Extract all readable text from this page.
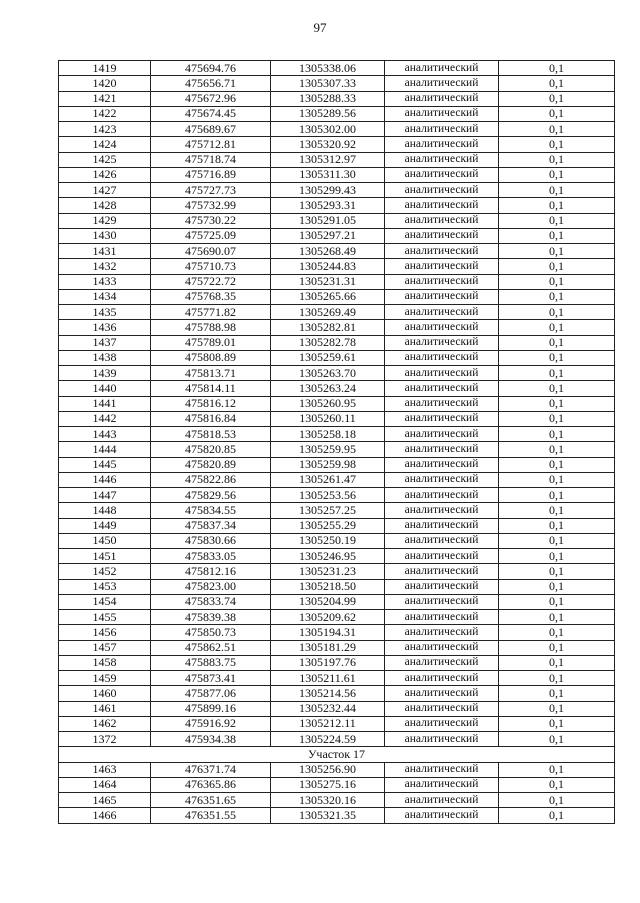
97
1419	475694.76	1305338.06	аналитический	0,1
1420	475656.71	1305307.33	аналитический	0,1
1421	475672.96	1305288.33	аналитический	0,1
1422	475674.45	1305289.56	аналитический	0,1
1423	475689.67	1305302.00	аналитический	0,1
1424	475712.81	1305320.92	аналитический	0,1
1425	475718.74	1305312.97	аналитический	0,1
1426	475716.89	1305311.30	аналитический	0,1
1427	475727.73	1305299.43	аналитический	0,1
1428	475732.99	1305293.31	аналитический	0,1
1429	475730.22	1305291.05	аналитический	0,1
1430	475725.09	1305297.21	аналитический	0,1
1431	475690.07	1305268.49	аналитический	0,1
1432	475710.73	1305244.83	аналитический	0,1
1433	475722.72	1305231.31	аналитический	0,1
1434	475768.35	1305265.66	аналитический	0,1
1435	475771.82	1305269.49	аналитический	0,1
1436	475788.98	1305282.81	аналитический	0,1
1437	475789.01	1305282.78	аналитический	0,1
1438	475808.89	1305259.61	аналитический	0,1
1439	475813.71	1305263.70	аналитический	0,1
1440	475814.11	1305263.24	аналитический	0,1
1441	475816.12	1305260.95	аналитический	0,1
1442	475816.84	1305260.11	аналитический	0,1
1443	475818.53	1305258.18	аналитический	0,1
1444	475820.85	1305259.95	аналитический	0,1
1445	475820.89	1305259.98	аналитический	0,1
1446	475822.86	1305261.47	аналитический	0,1
1447	475829.56	1305253.56	аналитический	0,1
1448	475834.55	1305257.25	аналитический	0,1
1449	475837.34	1305255.29	аналитический	0,1
1450	475830.66	1305250.19	аналитический	0,1
1451	475833.05	1305246.95	аналитический	0,1
1452	475812.16	1305231.23	аналитический	0,1
1453	475823.00	1305218.50	аналитический	0,1
1454	475833.74	1305204.99	аналитический	0,1
1455	475839.38	1305209.62	аналитический	0,1
1456	475850.73	1305194.31	аналитический	0,1
1457	475862.51	1305181.29	аналитический	0,1
1458	475883.75	1305197.76	аналитический	0,1
1459	475873.41	1305211.61	аналитический	0,1
1460	475877.06	1305214.56	аналитический	0,1
1461	475899.16	1305232.44	аналитический	0,1
1462	475916.92	1305212.11	аналитический	0,1
1372	475934.38	1305224.59	аналитический	0,1
Участок 17				
1463	476371.74	1305256.90	аналитический	0,1
1464	476365.86	1305275.16	аналитический	0,1
1465	476351.65	1305320.16	аналитический	0,1
1466	476351.55	1305321.35	аналитический	0,1
